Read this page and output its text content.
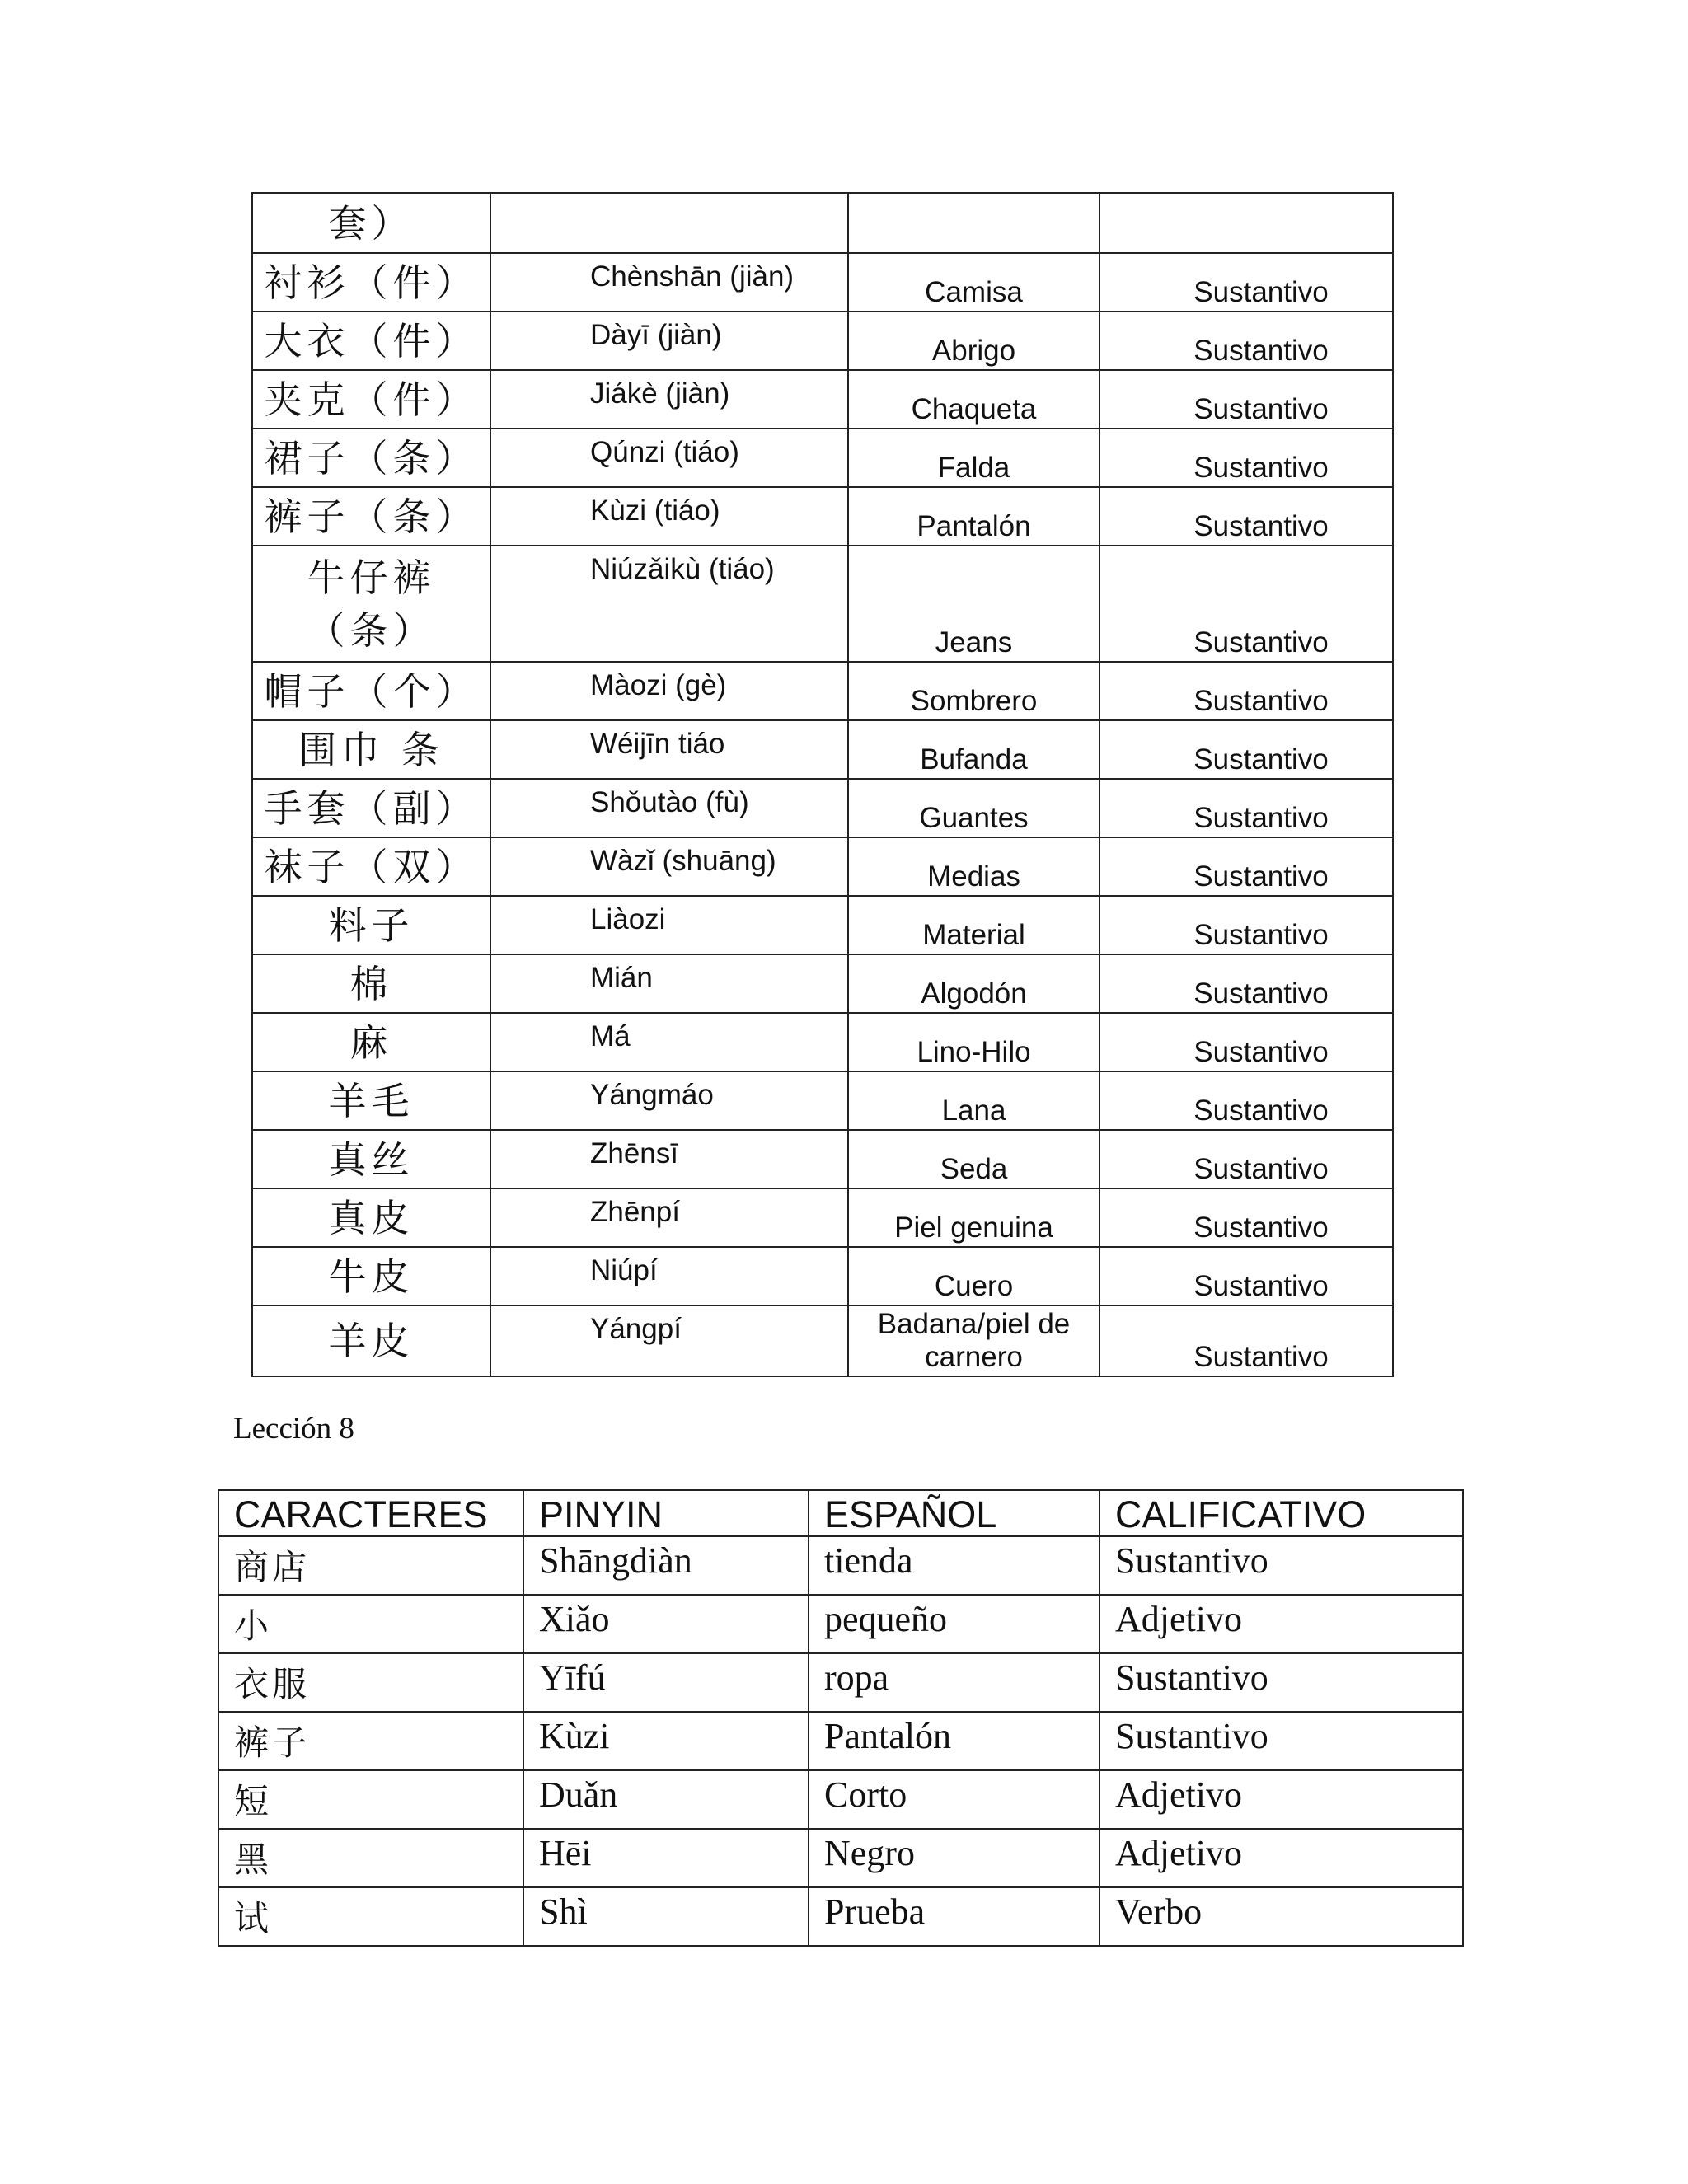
套）			
衬衫（件）	Chènshān (jiàn)	Camisa	Sustantivo
大衣（件）	Dàyī (jiàn)	Abrigo	Sustantivo
夹克（件）	Jiákè (jiàn)	Chaqueta	Sustantivo
裙子（条）	Qúnzi (tiáo)	Falda	Sustantivo
裤子（条）	Kùzi (tiáo)	Pantalón	Sustantivo
牛仔裤（条）	Niúzǎikù (tiáo)	Jeans	Sustantivo
帽子（个）	Màozi (gè)	Sombrero	Sustantivo
围巾 条	Wéijīn tiáo	Bufanda	Sustantivo
手套（副）	Shǒutào (fù)	Guantes	Sustantivo
袜子（双）	Wàzǐ (shuāng)	Medias	Sustantivo
料子	Liàozi	Material	Sustantivo
棉	Mián	Algodón	Sustantivo
麻	Má	Lino-Hilo	Sustantivo
羊毛	Yángmáo	Lana	Sustantivo
真丝	Zhēnsī	Seda	Sustantivo
真皮	Zhēnpí	Piel genuina	Sustantivo
牛皮	Niúpí	Cuero	Sustantivo
羊皮	Yángpí	Badana/piel de carnero	Sustantivo
Lección 8
CARACTERES	PINYIN	ESPAÑOL	CALIFICATIVO
商店	Shāngdiàn	tienda	Sustantivo
小	Xiǎo	pequeño	Adjetivo
衣服	Yīfú	ropa	Sustantivo
裤子	Kùzi	Pantalón	Sustantivo
短	Duǎn	Corto	Adjetivo
黑	Hēi	Negro	Adjetivo
试	Shì	Prueba	Verbo
